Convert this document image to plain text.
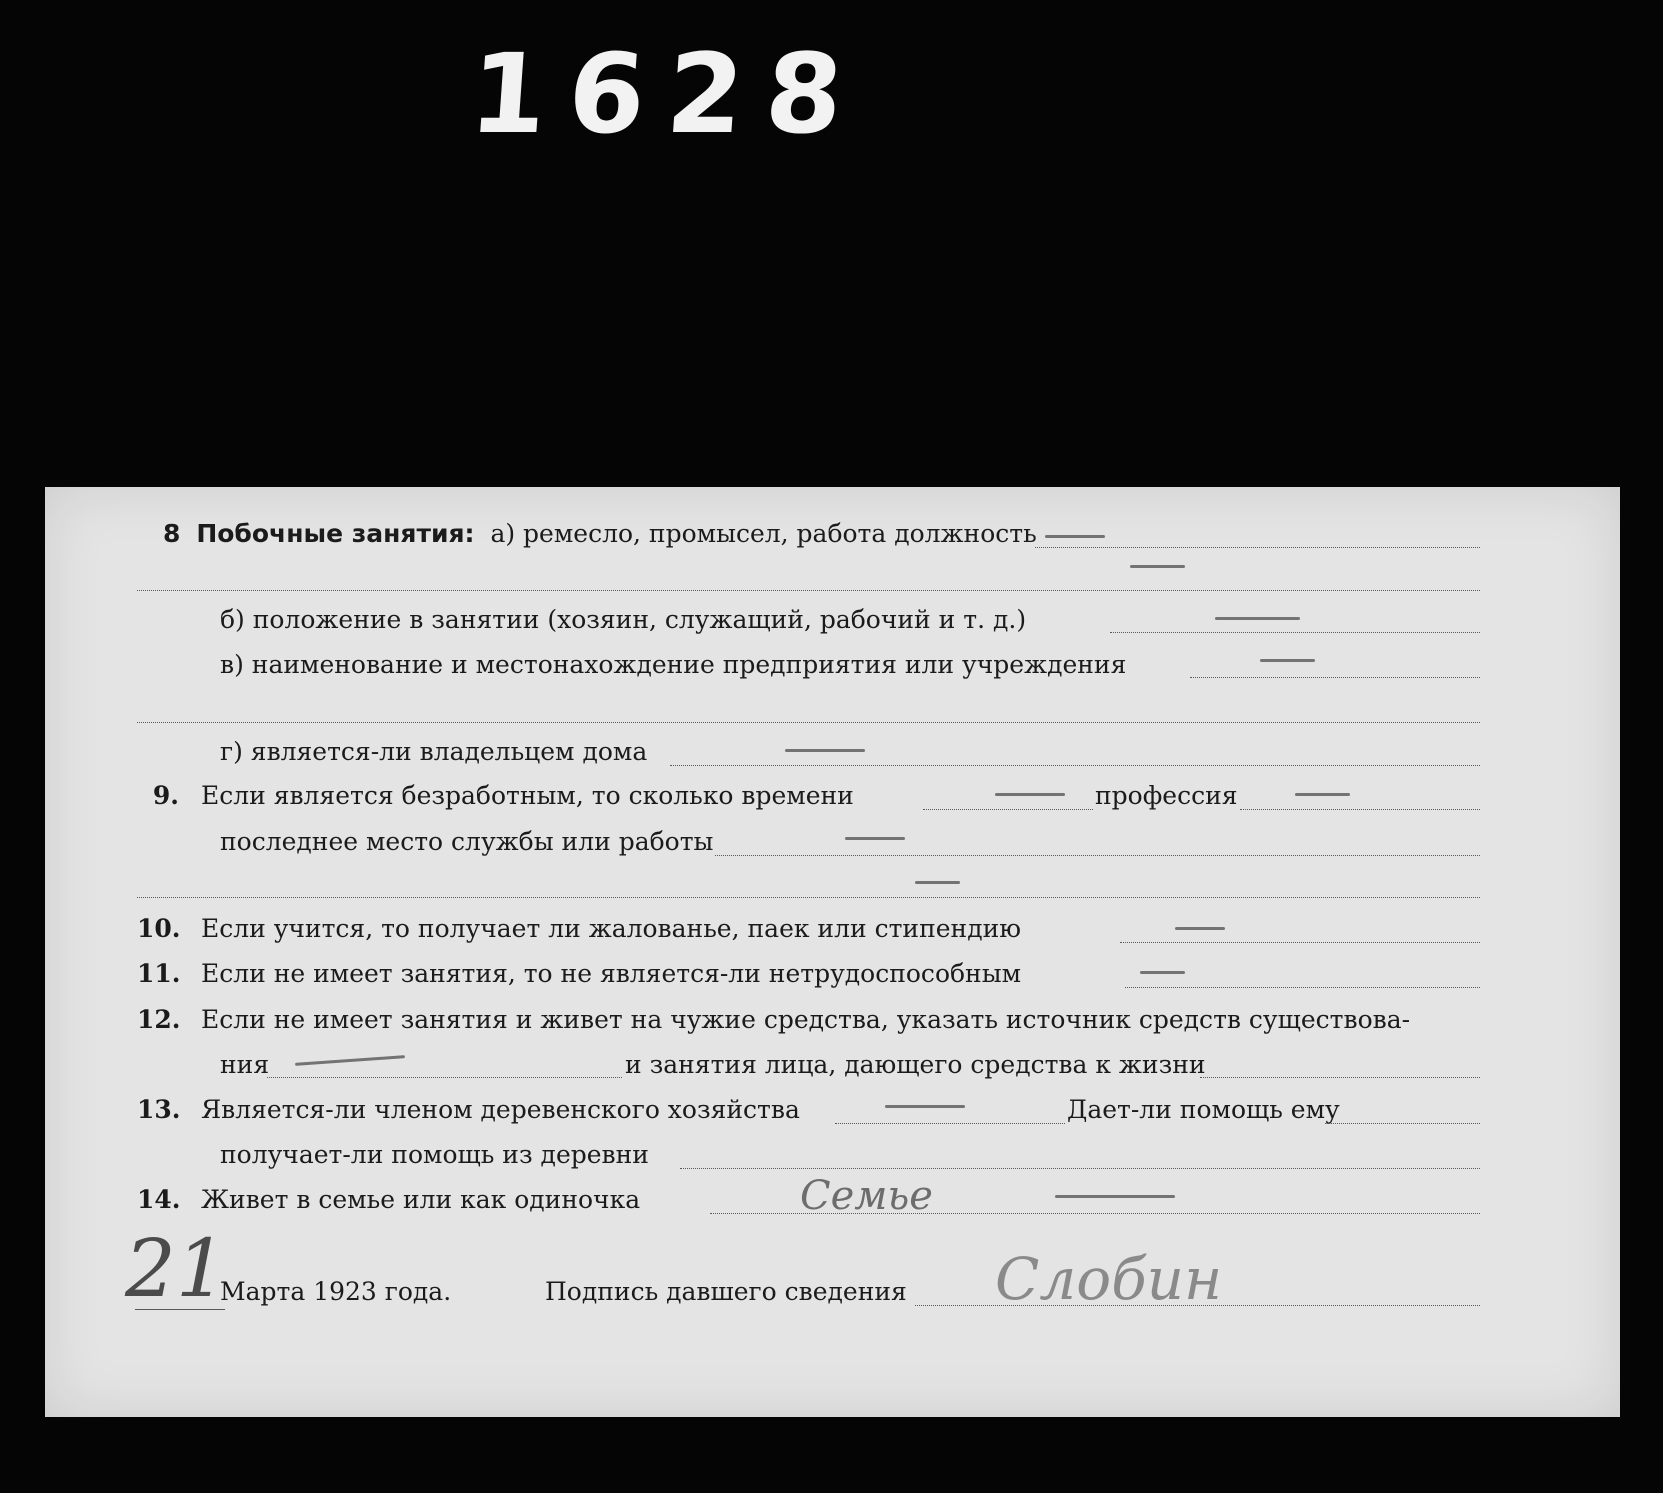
1628
8 Побочные занятия: а) ремесло, промысел, работа должность
б) положение в занятии (хозяин, служащий, рабочий и т. д.)
в) наименование и местонахождение предприятия или учреждения
г) является-ли владельцем дома
9. Если является безработным, то сколько времени	профессия
последнее место службы или работы
10. Если учится, то получает ли жалованье, паек или стипендию
11. Если не имеет занятия, то не является-ли нетрудоспособным
12. Если не имеет занятия и живет на чужие средства, указать источник средств существова-
ния	и занятия лица, дающего средства к жизни
13. Является-ли членом деревенского хозяйства	Дает-ли помощь ему
получает-ли помощь из деревни
14. Живет в семье или как одиночка	Семье
21
Марта 1923 года.	Подпись давшего сведения Слобин
